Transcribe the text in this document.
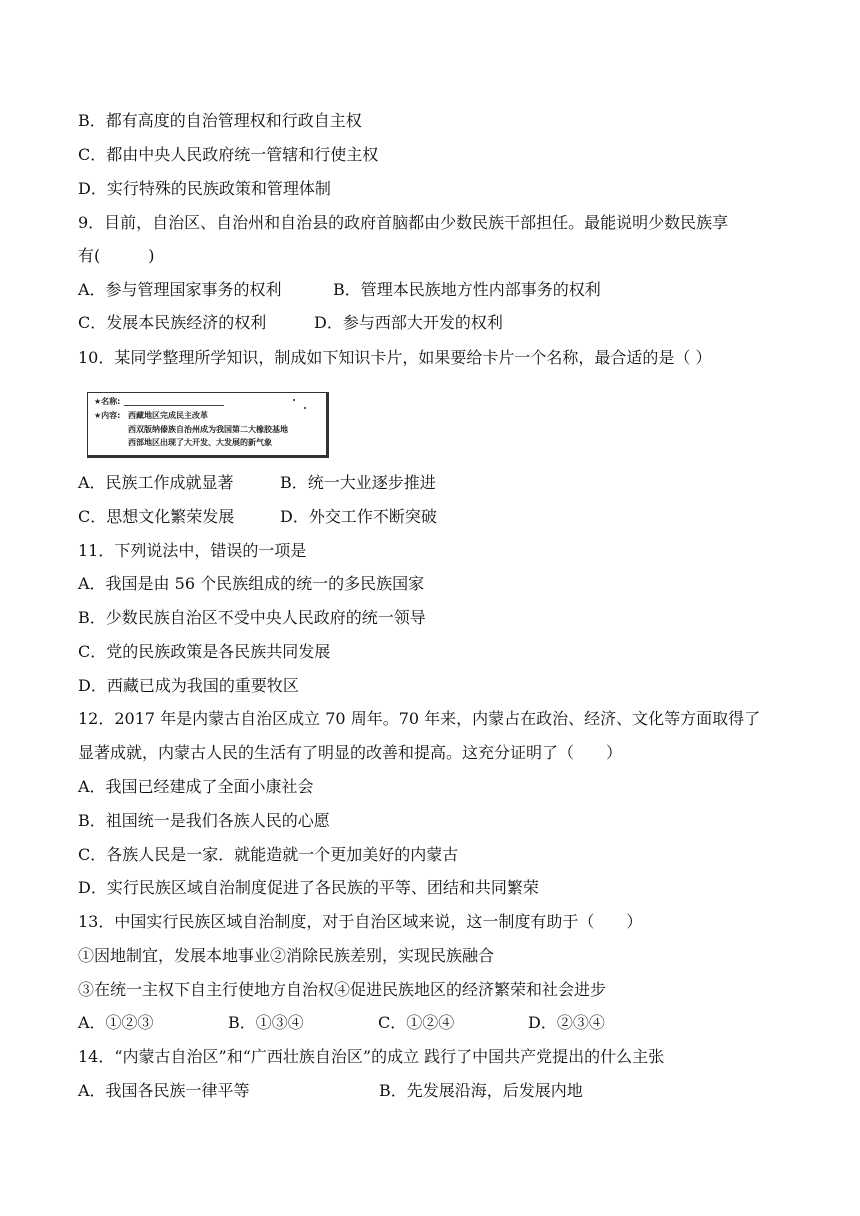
B．都有高度的自治管理权和行政自主权
C．都由中央人民政府统一管辖和行使主权
D．实行特殊的民族政策和管理体制
9．目前，自治区、自治州和自治县的政府首脑都由少数民族干部担任。最能说明少数民族享
有(　　　)
A．参与管理国家事务的权利	B．管理本民族地方性内部事务的权利
C．发展本民族经济的权利	D．参与西部大开发的权利
10．某同学整理所学知识，制成如下知识卡片，如果要给卡片一个名称，最合适的是（ ）
★名称:
★内容: 西藏地区完成民主改革
西双版纳傣族自治州成为我国第二大橡胶基地
西部地区出现了大开发、大发展的新气象
A．民族工作成就显著	B．统一大业逐步推进
C．思想文化繁荣发展	D．外交工作不断突破
11．下列说法中，错误的一项是
A．我国是由 56 个民族组成的统一的多民族国家
B．少数民族自治区不受中央人民政府的统一领导
C．党的民族政策是各民族共同发展
D．西藏已成为我国的重要牧区
12．2017 年是内蒙古自治区成立 70 周年。70 年来，内蒙占在政治、经济、文化等方面取得了
显著成就，内蒙古人民的生活有了明显的改善和提高。这充分证明了（　　）
A．我国已经建成了全面小康社会
B．祖国统一是我们各族人民的心愿
C．各族人民是一家．就能造就一个更加美好的内蒙古
D．实行民族区域自治制度促进了各民族的平等、团结和共同繁荣
13．中国实行民族区域自治制度，对于自治区域来说，这一制度有助于（　　）
①因地制宜，发展本地事业②消除民族差别，实现民族融合
③在统一主权下自主行使地方自治权④促进民族地区的经济繁荣和社会进步
A．①②③	B．①③④	C．①②④	D．②③④
14．“内蒙古自治区”和“广西壮族自治区”的成立 践行了中国共产党提出的什么主张
A．我国各民族一律平等	B．先发展沿海，后发展内地
